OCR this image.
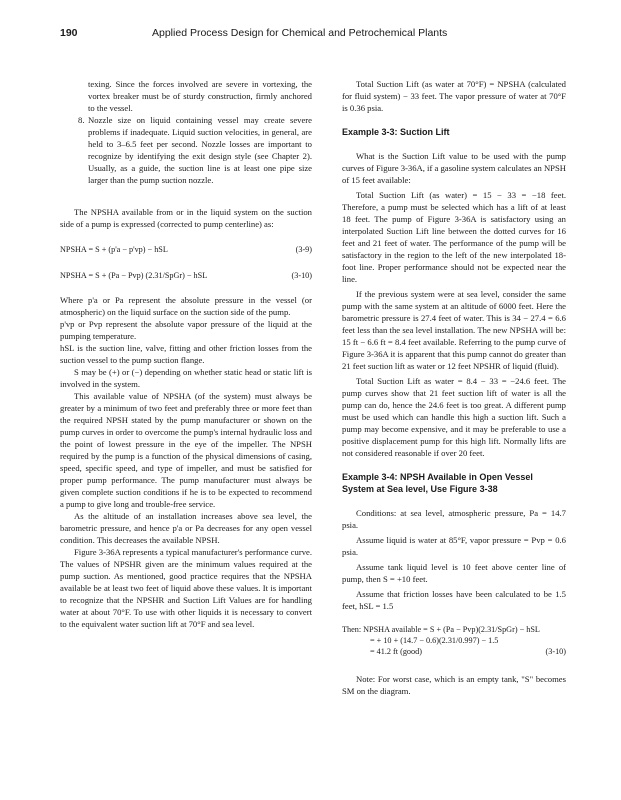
190	Applied Process Design for Chemical and Petrochemical Plants
texing. Since the forces involved are severe in vortexing, the vortex breaker must be of sturdy construction, firmly anchored to the vessel.
8. Nozzle size on liquid containing vessel may create severe problems if inadequate. Liquid suction velocities, in general, are held to 3–6.5 feet per second. Nozzle losses are important to recognize by identifying the exit design style (see Chapter 2). Usually, as a guide, the suction line is at least one pipe size larger than the pump suction nozzle.

The NPSHA available from or in the liquid system on the suction side of a pump is expressed (corrected to pump centerline) as:

NPSHA = S + (p'a − p'vp) − hSL	(3-9)
NPSHA = S + (Pa − Pvp) (2.31/SpGr) − hSL	(3-10)

Where p'a or Pa represent the absolute pressure in the vessel (or atmospheric) on the liquid surface on the suction side of the pump.

p'vp or Pvp represent the absolute vapor pressure of the liquid at the pumping temperature.

hSL is the suction line, valve, fitting and other friction losses from the suction vessel to the pump suction flange.

S may be (+) or (−) depending on whether static head or static lift is involved in the system.

This available value of NPSHA (of the system) must always be greater by a minimum of two feet and preferably three or more feet than the required NPSH stated by the pump manufacturer or shown on the pump curves in order to overcome the pump's internal hydraulic loss and the point of lowest pressure in the eye of the impeller. The NPSH required by the pump is a function of the physical dimensions of casing, speed, specific speed, and type of impeller, and must be satisfied for proper pump performance. The pump manufacturer must always be given complete suction conditions if he is to be expected to recommend a pump to give long and trouble-free service.

As the altitude of an installation increases above sea level, the barometric pressure, and hence p'a or Pa decreases for any open vessel condition. This decreases the available NPSH.

Figure 3-36A represents a typical manufacturer's performance curve. The values of NPSHR given are the minimum values required at the pump suction. As mentioned, good practice requires that the NPSHA available be at least two feet of liquid above these values. It is important to recognize that the NPSHR and Suction Lift Values are for handling water at about 70°F. To use with other liquids it is necessary to convert to the equivalent water suction lift at 70°F and sea level.

Total Suction Lift (as water at 70°F) = NPSHA (calculated for fluid system) − 33 feet. The vapor pressure of water at 70°F is 0.36 psia.

Example 3-3: Suction Lift

What is the Suction Lift value to be used with the pump curves of Figure 3-36A, if a gasoline system calculates an NPSH of 15 feet available:

Total Suction Lift (as water) = 15 − 33 = −18 feet. Therefore, a pump must be selected which has a lift of at least 18 feet. The pump of Figure 3-36A is satisfactory using an interpolated Suction Lift line between the dotted curves for 16 feet and 21 feet of water. The performance of the pump will be satisfactory in the region to the left of the new interpolated 18-foot line. Proper performance should not be expected near the line.

If the previous system were at sea level, consider the same pump with the same system at an altitude of 6000 feet. Here the barometric pressure is 27.4 feet of water. This is 34 − 27.4 = 6.6 feet less than the sea level installation. The new NPSHA will be: 15 ft − 6.6 ft = 8.4 feet available. Referring to the pump curve of Figure 3-36A it is apparent that this pump cannot do greater than 21 feet suction lift as water or 12 feet NPSHR of liquid (fluid).

Total Suction Lift as water = 8.4 − 33 = −24.6 feet. The pump curves show that 21 feet suction lift of water is all the pump can do, hence the 24.6 feet is too great. A different pump must be used which can handle this high a suction lift. Such a pump may become expensive, and it may be preferable to use a positive displacement pump for this high lift. Normally lifts are not considered reasonable if over 20 feet.

Example 3-4: NPSH Available in Open Vessel System at Sea level, Use Figure 3-38

Conditions: at sea level, atmospheric pressure, Pa = 14.7 psia.

Assume liquid is water at 85°F, vapor pressure = Pvp = 0.6 psia.

Assume tank liquid level is 10 feet above center line of pump, then S = +10 feet.

Assume that friction losses have been calculated to be 1.5 feet, hSL = 1.5

Then: NPSHA available = S + (Pa − Pvp)(2.31/SpGr) − hSL
= + 10 + (14.7 − 0.6)(2.31/0.997) − 1.5
= 41.2 ft (good)	(3-10)

Note: For worst case, which is an empty tank, "S" becomes SM on the diagram.
